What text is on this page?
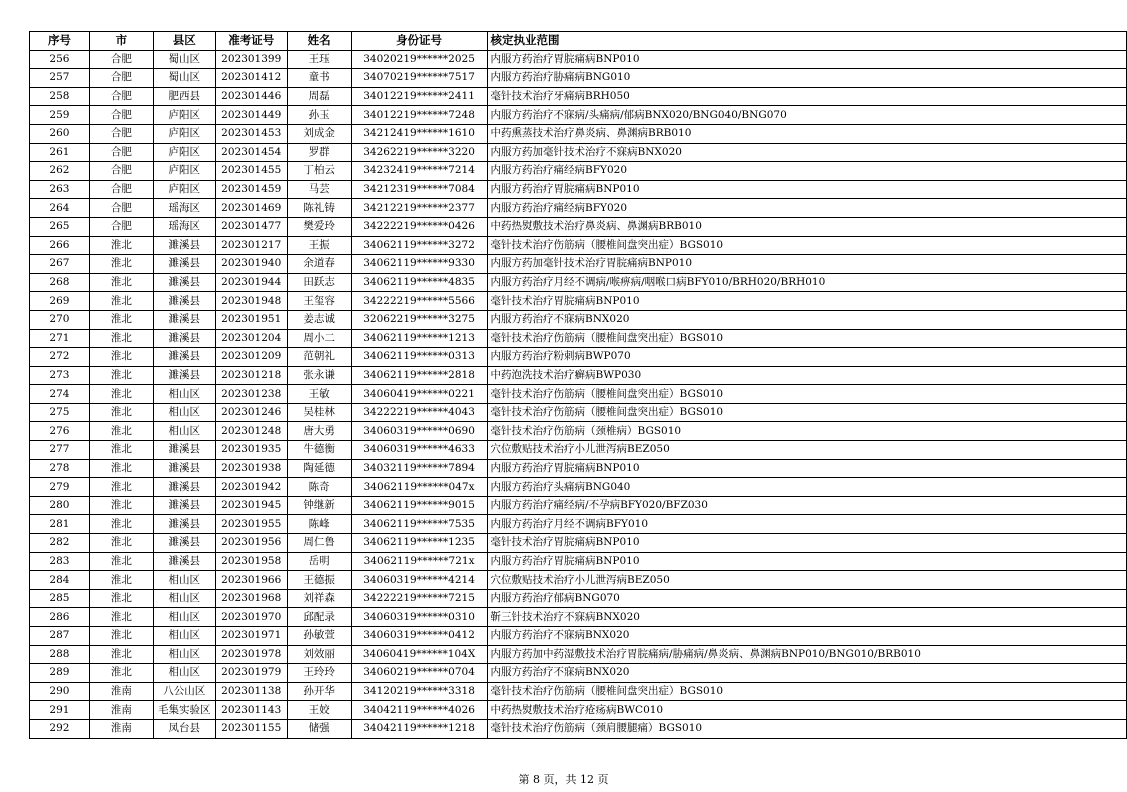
序号	市	县区	准考证号	姓名	身份证号	核定执业范围
256	合肥	蜀山区	202301399	王珏	34020219******2025	内服方药治疗胃脘痛病BNP010
257	合肥	蜀山区	202301412	童书	34070219******7517	内服方药治疗胁痛病BNG010
258	合肥	肥西县	202301446	周磊	34012219******2411	毫针技术治疗牙痛病BRH050
259	合肥	庐阳区	202301449	孙玉	34012219******7248	内服方药治疗不寐病/头痛病/郁病BNX020/BNG040/BNG070
260	合肥	庐阳区	202301453	刘成金	34212419******1610	中药熏蒸技术治疗鼻炎病、鼻渊病BRB010
261	合肥	庐阳区	202301454	罗群	34262219******3220	内服方药加毫针技术治疗不寐病BNX020
262	合肥	庐阳区	202301455	丁柏云	34232419******7214	内服方药治疗痛经病BFY020
263	合肥	庐阳区	202301459	马芸	34212319******7084	内服方药治疗胃脘痛病BNP010
264	合肥	瑶海区	202301469	陈礼铸	34212219******2377	内服方药治疗痛经病BFY020
265	合肥	瑶海区	202301477	樊爱玲	34222219******0426	中药热熨敷技术治疗鼻炎病、鼻渊病BRB010
266	淮北	濉溪县	202301217	王振	34062119******3272	毫针技术治疗伤筋病（腰椎间盘突出症）BGS010
267	淮北	濉溪县	202301940	余道春	34062119******9330	内服方药加毫针技术治疗胃脘痛病BNP010
268	淮北	濉溪县	202301944	田跃志	34062119******4835	内服方药治疗月经不调病/喉痹病/咽喉口病BFY010/BRH020/BRH010
269	淮北	濉溪县	202301948	王玺容	34222219******5566	毫针技术治疗胃脘痛病BNP010
270	淮北	濉溪县	202301951	姜志诚	32062219******3275	内服方药治疗不寐病BNX020
271	淮北	濉溪县	202301204	周小二	34062119******1213	毫针技术治疗伤筋病（腰椎间盘突出症）BGS010
272	淮北	濉溪县	202301209	范朝礼	34062119******0313	内服方药治疗粉刺病BWP070
273	淮北	濉溪县	202301218	张永谦	34062119******2818	中药泡洗技术治疗癣病BWP030
274	淮北	相山区	202301238	王敏	34060419******0221	毫针技术治疗伤筋病（腰椎间盘突出症）BGS010
275	淮北	相山区	202301246	吴桂林	34222219******4043	毫针技术治疗伤筋病（腰椎间盘突出症）BGS010
276	淮北	相山区	202301248	唐大勇	34060319******0690	毫针技术治疗伤筋病（颈椎病）BGS010
277	淮北	濉溪县	202301935	牛德衡	34060319******4633	穴位敷贴技术治疗小儿泄泻病BEZ050
278	淮北	濉溪县	202301938	陶延德	34032119******7894	内服方药治疗胃脘痛病BNP010
279	淮北	濉溪县	202301942	陈奇	34062119******047x	内服方药治疗头痛病BNG040
280	淮北	濉溪县	202301945	钟继新	34062119******9015	内服方药治疗痛经病/不孕病BFY020/BFZ030
281	淮北	濉溪县	202301955	陈峰	34062119******7535	内服方药治疗月经不调病BFY010
282	淮北	濉溪县	202301956	周仁鲁	34062119******1235	毫针技术治疗胃脘痛病BNP010
283	淮北	濉溪县	202301958	岳明	34062119******721x	内服方药治疗胃脘痛病BNP010
284	淮北	相山区	202301966	王德振	34060319******4214	穴位敷贴技术治疗小儿泄泻病BEZ050
285	淮北	相山区	202301968	刘祥森	34222219******7215	内服方药治疗郁病BNG070
286	淮北	相山区	202301970	邱配录	34060319******0310	靳三针技术治疗不寐病BNX020
287	淮北	相山区	202301971	孙敏萱	34060319******0412	内服方药治疗不寐病BNX020
288	淮北	相山区	202301978	刘效丽	34060419******104X	内服方药加中药湿敷技术治疗胃脘痛病/胁痛病/鼻炎病、鼻渊病BNP010/BNG010/BRB010
289	淮北	相山区	202301979	王玲玲	34060219******0704	内服方药治疗不寐病BNX020
290	淮南	八公山区	202301138	孙开华	34120219******3318	毫针技术治疗伤筋病（腰椎间盘突出症）BGS010
291	淮南	毛集实验区	202301143	王姣	34042119******4026	中药热熨敷技术治疗疮疡病BWC010
292	淮南	凤台县	202301155	储强	34042119******1218	毫针技术治疗伤筋病（颈肩腰腿痛）BGS010
第 8 页，共 12 页
